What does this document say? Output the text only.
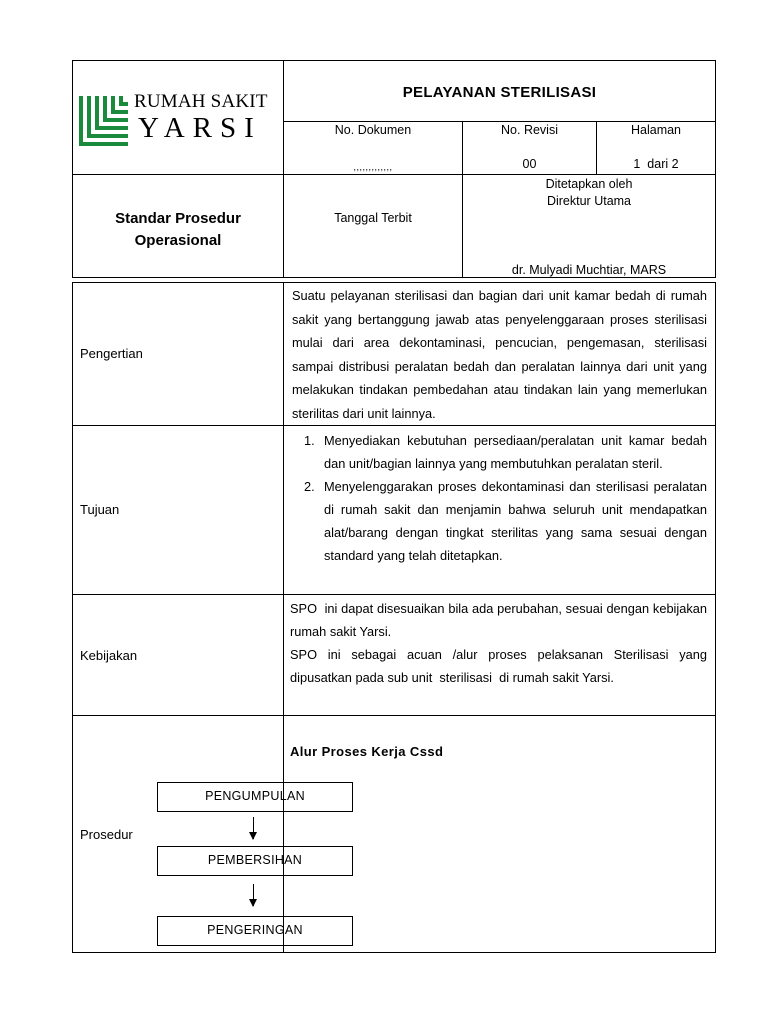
RUMAH SAKIT
YARSI
PELAYANAN STERILISASI
No. Dokumen
,,,,,,,,,,,,,
No. Revisi
00
Halaman
1  dari 2
Standar Prosedur
Operasional
Tanggal Terbit
Ditetapkan oleh
Direktur Utama
dr. Mulyadi Muchtiar, MARS
Pengertian
Suatu pelayanan sterilisasi dan bagian dari unit kamar bedah di rumah sakit yang bertanggung jawab atas penyelenggaraan proses sterilisasi mulai dari area dekontaminasi, pencucian, pengemasan, sterilisasi sampai distribusi peralatan bedah dan peralatan lainnya dari unit yang melakukan tindakan pembedahan atau tindakan lain yang memerlukan sterilitas dari unit lainnya.
Tujuan
1. Menyediakan kebutuhan persediaan/peralatan unit kamar bedah dan unit/bagian lainnya yang membutuhkan peralatan steril.
2. Menyelenggarakan proses dekontaminasi dan sterilisasi peralatan di rumah sakit dan menjamin bahwa seluruh unit mendapatkan alat/barang dengan tingkat sterilitas yang sama sesuai dengan standard yang telah ditetapkan.
Kebijakan
SPO  ini dapat disesuaikan bila ada perubahan, sesuai dengan kebijakan rumah sakit Yarsi.
SPO ini sebagai acuan /alur proses pelaksanan Sterilisasi yang dipusatkan pada sub unit  sterilisasi  di rumah sakit Yarsi.
Prosedur
Alur Proses Kerja Cssd
PENGUMPULAN
PEMBERSIHAN
PENGERINGAN
